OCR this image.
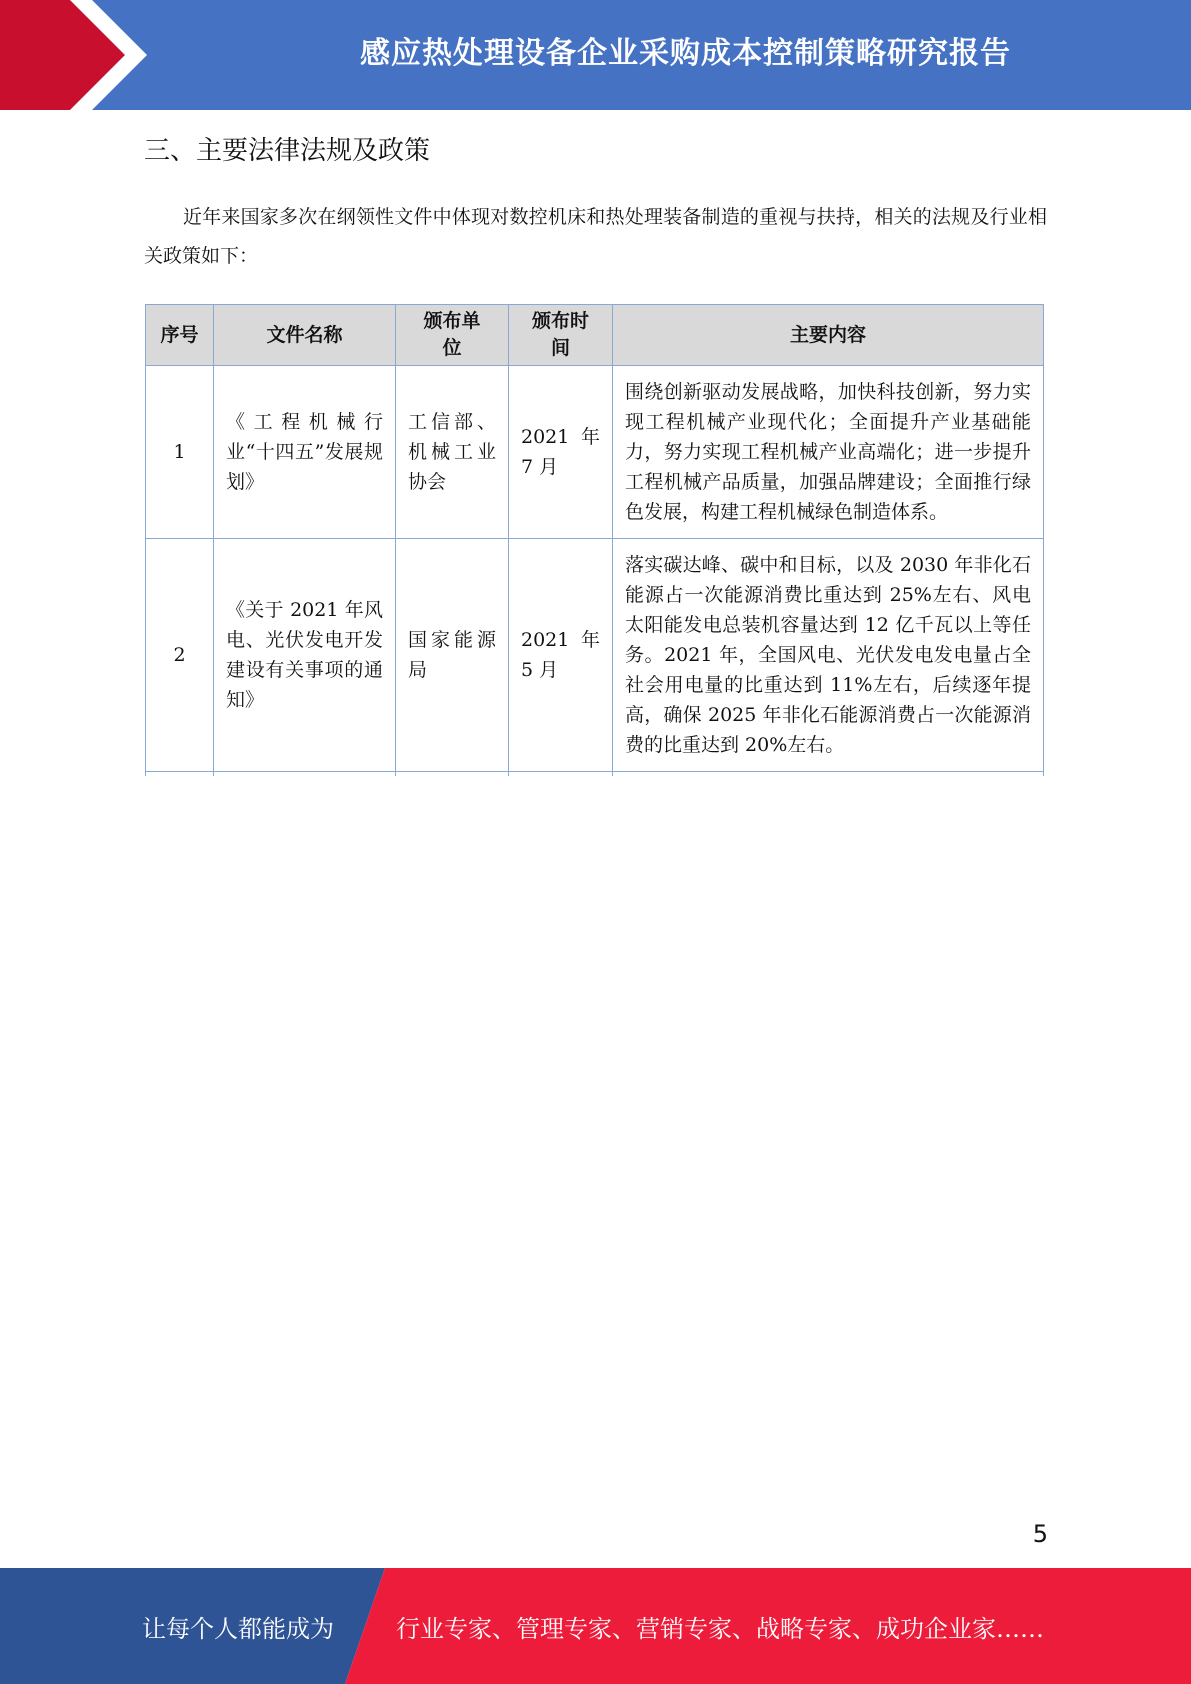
感应热处理设备企业采购成本控制策略研究报告
三、主要法律法规及政策
近年来国家多次在纲领性文件中体现对数控机床和热处理装备制造的重视与扶持，相关的法规及行业相关政策如下：
序号	文件名称	颁布单位	颁布时间	主要内容
1	《工程机械行业“十四五”发展规划》	工信部、机械工业协会	2021 年 7 月	围绕创新驱动发展战略，加快科技创新，努力实现工程机械产业现代化；全面提升产业基础能力，努力实现工程机械产业高端化；进一步提升工程机械产品质量，加强品牌建设；全面推行绿色发展，构建工程机械绿色制造体系。
2	《关于 2021 年风电、光伏发电开发建设有关事项的通知》	国家能源局	2021 年 5 月	落实碳达峰、碳中和目标，以及 2030 年非化石能源占一次能源消费比重达到 25%左右、风电太阳能发电总装机容量达到 12 亿千瓦以上等任务。2021 年，全国风电、光伏发电发电量占全社会用电量的比重达到 11%左右，后续逐年提高，确保 2025 年非化石能源消费占一次能源消费的比重达到 20%左右。

5
让每个人都能成为	行业专家、管理专家、营销专家、战略专家、成功企业家……
